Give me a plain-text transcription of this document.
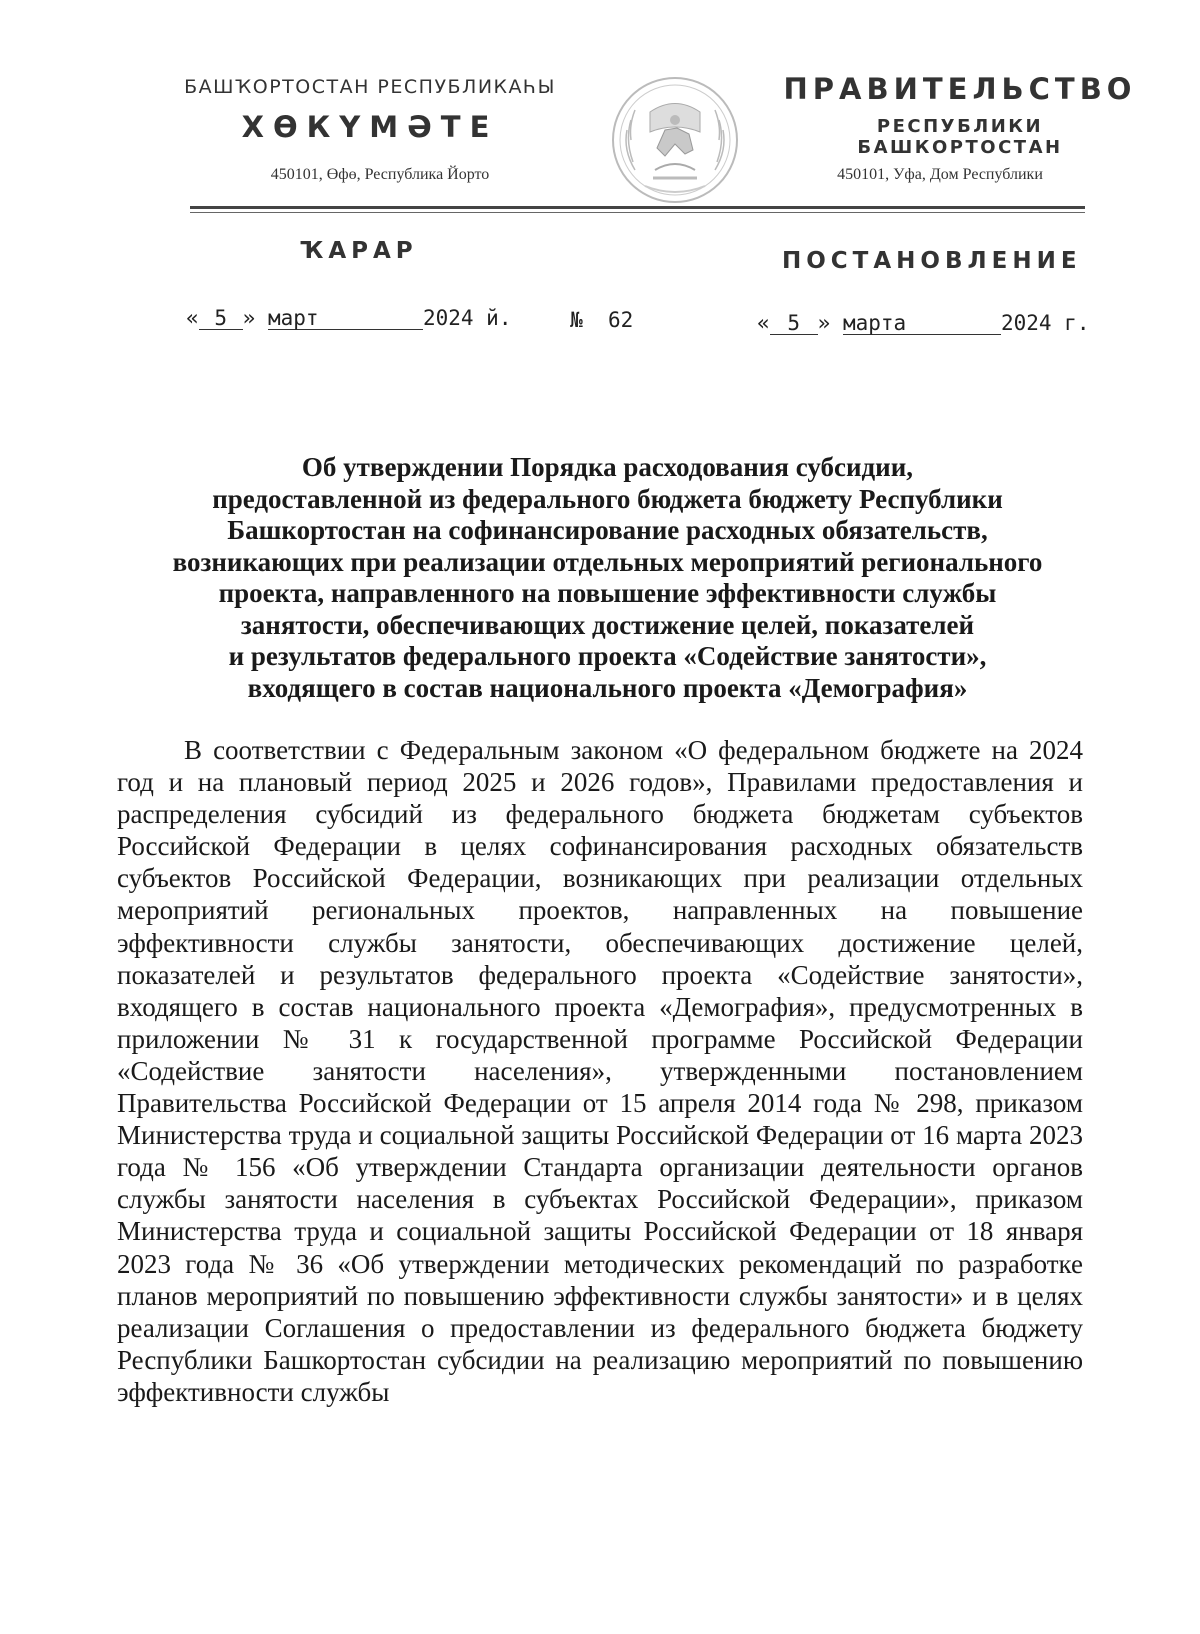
БАШҠОРТОСТАН РЕСПУБЛИКАҺЫ
ХӨКҮМӘТЕ
450101, Өфө, Республика Йорто
ПРАВИТЕЛЬСТВО
РЕСПУБЛИКИ БАШКОРТОСТАН
450101, Уфа, Дом Республики
ҠАРАР	ПОСТАНОВЛЕНИЕ
« 5 » март	2024 й.	№ 62	« 5 » марта	2024 г.
Об утверждении Порядка расходования субсидии,
предоставленной из федерального бюджета бюджету Республики
Башкортостан на софинансирование расходных обязательств,
возникающих при реализации отдельных мероприятий регионального
проекта, направленного на повышение эффективности службы
занятости, обеспечивающих достижение целей, показателей
и результатов федерального проекта «Содействие занятости»,
входящего в состав национального проекта «Демография»

В соответствии с Федеральным законом «О федеральном бюджете на 2024 год и на плановый период 2025 и 2026 годов», Правилами предоставления и распределения субсидий из федерального бюджета бюджетам субъектов Российской Федерации в целях софинансирования расходных обязательств субъектов Российской Федерации, возникающих при реализации отдельных мероприятий региональных проектов, направленных на повышение эффективности службы занятости, обеспечивающих достижение целей, показателей и результатов федерального проекта «Содействие занятости», входящего в состав национального проекта «Демография», предусмотренных в приложении № 31 к государственной программе Российской Федерации «Содействие занятости населения», утвержденными постановлением Правительства Российской Федерации от 15 апреля 2014 года № 298, приказом Министерства труда и социальной защиты Российской Федерации от 16 марта 2023 года № 156 «Об утверждении Стандарта организации деятельности органов службы занятости населения в субъектах Российской Федерации», приказом Министерства труда и социальной защиты Российской Федерации от 18 января 2023 года № 36 «Об утверждении методических рекомендаций по разработке планов мероприятий по повышению эффективности службы занятости» и в целях реализации Соглашения о предоставлении из федерального бюджета бюджету Республики Башкортостан субсидии на реализацию мероприятий по повышению эффективности службы
